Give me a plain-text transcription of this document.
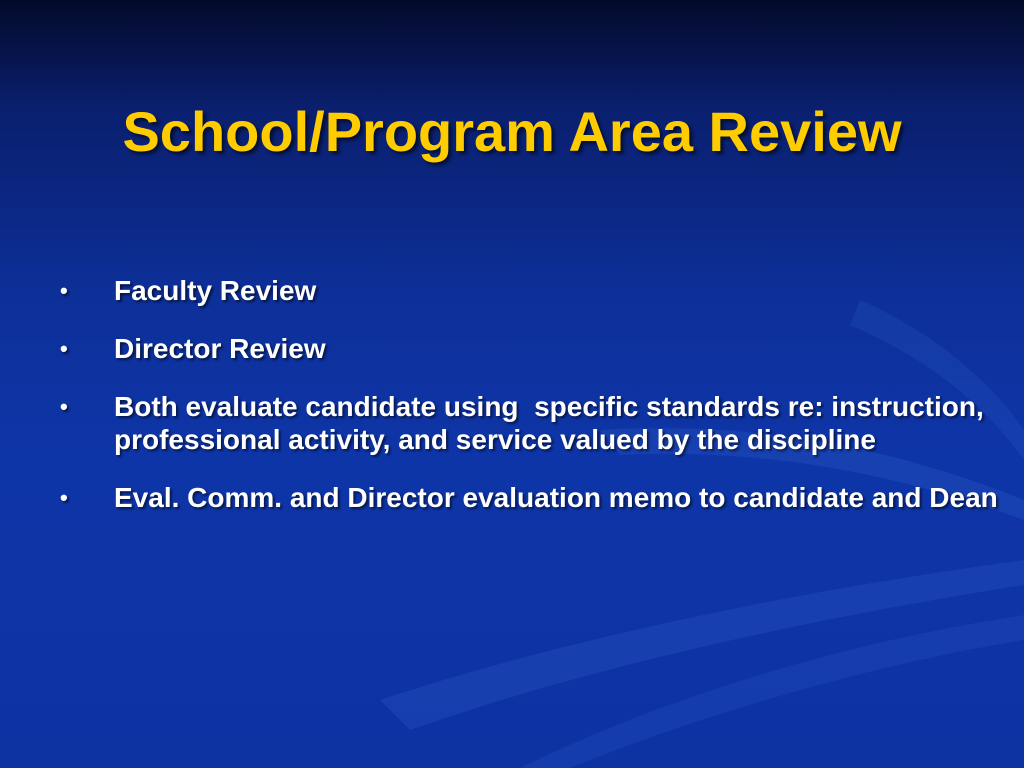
School/Program Area Review
•	Faculty Review
•	Director Review
•	Both evaluate candidate using  specific standards re: instruction, professional activity, and service valued by the discipline
•	Eval. Comm. and Director evaluation memo to candidate and Dean
